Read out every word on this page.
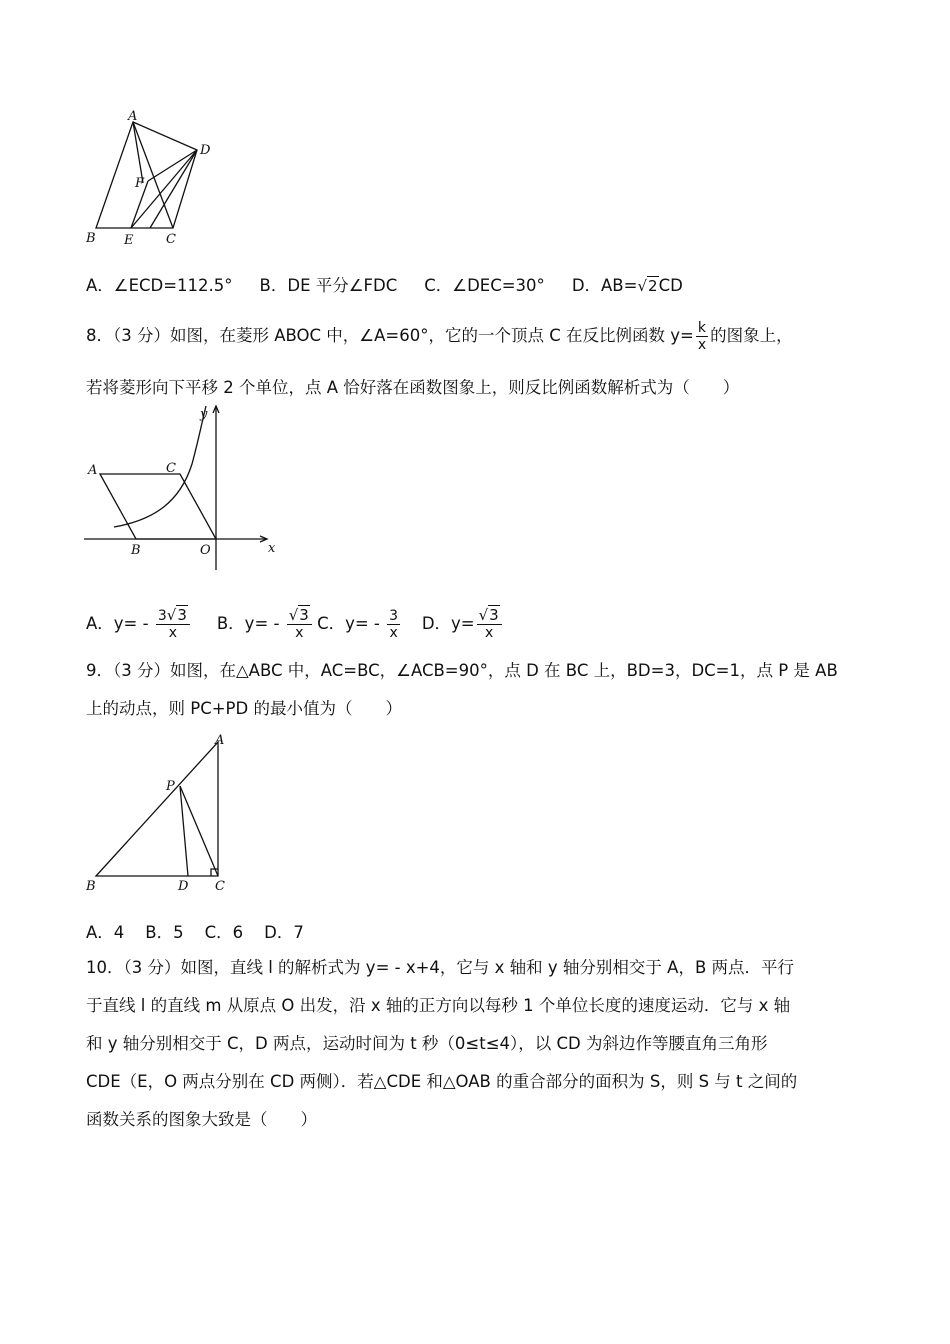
A
D
F
B E	C
A．∠ECD=112.5°　 B．DE 平分∠FDC　 C．∠DEC=30°　 D．AB=√2CD
8．（3 分）如图，在菱形 ABOC 中，∠A=60°，它的一个顶点 C 在反比例函数 $y= \frac{k}{x}$ 的图象上，
若将菱形向下平移 2 个单位，点 A 恰好落在函数图象上，则反比例函数解析式为（　　）
A	C
B	O	x
y
A．$y= - \frac{3√3}{x}$
　 B．$y= - \frac{√3}{x}$ C．$y= - \frac{3}{x}$
　 D．$y= \frac{√3}{x}$
9．（3 分）如图，在△ABC 中，AC=BC，∠ACB=90°，点 D 在 BC 上，BD=3，DC=1，点 P 是 AB
上的动点，则 PC+PD 的最小值为（　　）
A
P
B	D C
A．4 B．5 C．6 D．7
10．（3 分）如图，直线 l 的解析式为 y= - x+4，它与 x 轴和 y 轴分别相交于 A，B 两点．平行
于直线 l 的直线 m 从原点 O 出发，沿 x 轴的正方向以每秒 1 个单位长度的速度运动．它与 x 轴
和 y 轴分别相交于 C，D 两点，运动时间为 t 秒（0≤t≤4），以 CD 为斜边作等腰直角三角形
CDE（E，O 两点分别在 CD 两侧）．若△CDE 和△OAB 的重合部分的面积为 S，则 S 与 t 之间的
函数关系的图象大致是（　　）
